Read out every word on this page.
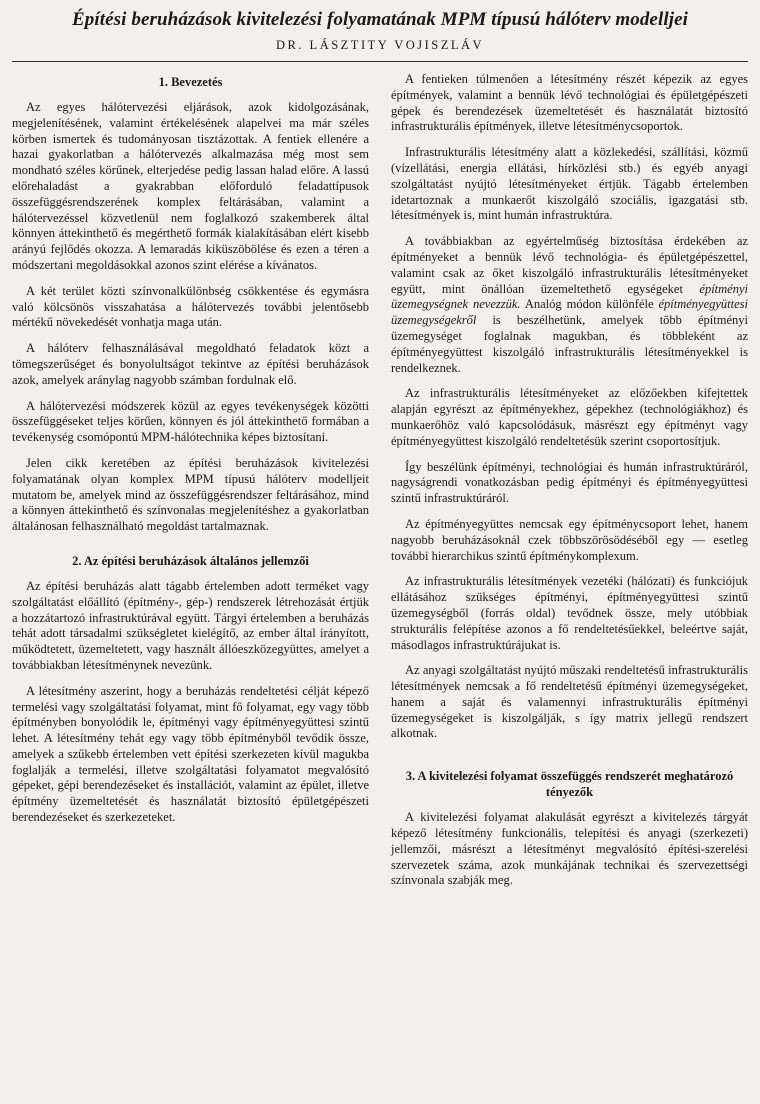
Építési beruházások kivitelezési folyamatának MPM típusú hálóterv modelljei
DR. LÁSZTITY VOJISZLÁV
1. Bevezetés

Az egyes hálótervezési eljárások, azok kidolgozásának, megjelenítésének, valamint értékelésének alapelvei ma már széles körben ismertek és tudományosan tisztázottak. A fentiek ellenére a hazai gyakorlatban a hálótervezés alkalmazása még most sem mondható széles körűnek, elterjedése pedig lassan halad előre. A lassú előrehaladást a gyakrabban előforduló feladattípusok összefüggésrendszerének komplex feltárásában, valamint a hálótervezéssel közvetlenül nem foglalkozó szakemberek által könnyen áttekinthető és megérthető formák kialakításában elért kisebb arányú fejlődés okozza. A lemaradás kiküszöbölése és ezen a téren a módszertani megoldásokkal azonos szint elérése a kívánatos.

A két terület közti színvonalkülönbség csökkentése és egymásra való kölcsönös visszahatása a hálótervezés további jelentősebb mértékű növekedését vonhatja maga után.

A hálóterv felhasználásával megoldható feladatok közt a tömegszerűséget és bonyolultságot tekintve az építési beruházások azok, amelyek aránylag nagyobb számban fordulnak elő.

A hálótervezési módszerek közül az egyes tevékenységek közötti összefüggéseket teljes körűen, könnyen és jól áttekinthető formában a tevékenység csomópontú MPM-hálótechnika képes biztosítani.

Jelen cikk keretében az építési beruházások kivitelezési folyamatának olyan komplex MPM típusú hálóterv modelljeit mutatom be, amelyek mind az összefüggésrendszer feltárásához, mind a könnyen áttekinthető és színvonalas megjelenítéshez a gyakorlatban általánosan felhasználható megoldást tartalmaznak.

2. Az építési beruházások általános jellemzői

Az építési beruházás alatt tágabb értelemben adott terméket vagy szolgáltatást előállító (építmény-, gép-) rendszerek létrehozását értjük a hozzátartozó infrastruktúrával együtt. Tárgyi értelemben a beruházás tehát adott társadalmi szükségletet kielégítő, az ember által irányított, működtetett, üzemeltetett, vagy használt állóeszközegyüttes, amelyet a továbbiakban létesítménynek nevezünk.

A létesítmény aszerint, hogy a beruházás rendeltetési célját képező termelési vagy szolgáltatási folyamat, mint fő folyamat, egy vagy több építményben bonyolódik le, építményi vagy építményegyüttesi szintű lehet. A létesítmény tehát egy vagy több építményből tevődik össze, amelyek a szűkebb értelemben vett építési szerkezeten kívül magukba foglalják a termelési, illetve szolgáltatási folyamatot megvalósító gépeket, gépi berendezéseket és installációt, valamint az épület, illetve építmény üzemeltetését és használatát biztosító épületgépészeti berendezéseket és szerkezeteket.

A fentieken túlmenően a létesítmény részét képezik az egyes építmények, valamint a bennük lévő technológiai és épületgépészeti gépek és berendezések üzemeltetését és használatát biztosító infrastrukturális építmények, illetve létesítménycsoportok.

Infrastrukturális létesítmény alatt a közlekedési, szállítási, közmű (vízellátási, energia ellátási, hírközlési stb.) és egyéb anyagi szolgáltatást nyújtó létesítményeket értjük. Tágabb értelemben idetartoznak a munkaerőt kiszolgáló szociális, igazgatási stb. létesítmények is, mint humán infrastruktúra.

A továbbiakban az egyértelműség biztosítása érdekében az építményeket a bennük lévő technológia- és épületgépészettel, valamint csak az őket kiszolgáló infrastrukturális létesítményeket együtt, mint önállóan üzemeltethető egységeket építményi üzemegységnek nevezzük. Analóg módon különféle építményegyüttesi üzemegységekről is beszélhetünk, amelyek több építményi üzemegységet foglalnak magukban, és többleként az építményegyüttest kiszolgáló infrastrukturális létesítményekkel is rendelkeznek.

Az infrastrukturális létesítményeket az előzőekben kifejtettek alapján egyrészt az építményekhez, gépekhez (technológiákhoz) és munkaerőhöz való kapcsolódásuk, másrészt egy építményt vagy építményegyüttest kiszolgáló rendeltetésük szerint csoportosítjuk.

Így beszélünk építményi, technológiai és humán infrastruktúráról, nagyságrendi vonatkozásban pedig építményi és építményegyüttesi szintű infrastruktúráról.

Az építményegyüttes nemcsak egy építménycsoport lehet, hanem nagyobb beruházásoknál czek többszörösödéséből egy — esetleg további hierarchikus szintű építménykomplexum.

Az infrastrukturális létesítmények vezetéki (hálózati) és funkciójuk ellátásához szükséges építményi, építményegyüttesi szintű üzemegységből (forrás oldal) tevődnek össze, mely utóbbiak strukturális felépítése azonos a fő rendeltetésűekkel, beleértve saját, másodlagos infrastruktúrájukat is.

Az anyagi szolgáltatást nyújtó műszaki rendeltetésű infrastrukturális létesítmények nemcsak a fő rendeltetésű építményi üzemegységeket, hanem a saját és valamennyi infrastrukturális építményi üzemegységeket is kiszolgálják, s így matrix jellegű rendszert alkotnak.

3. A kivitelezési folyamat összefüggés rendszerét meghatározó tényezők

A kivitelezési folyamat alakulását egyrészt a kivitelezés tárgyát képező létesítmény funkcionális, telepítési és anyagi (szerkezeti) jellemzői, másrészt a létesítményt megvalósító építési-szerelési szervezetek száma, azok munkájának technikai és szervezettségi színvonala szabják meg.
